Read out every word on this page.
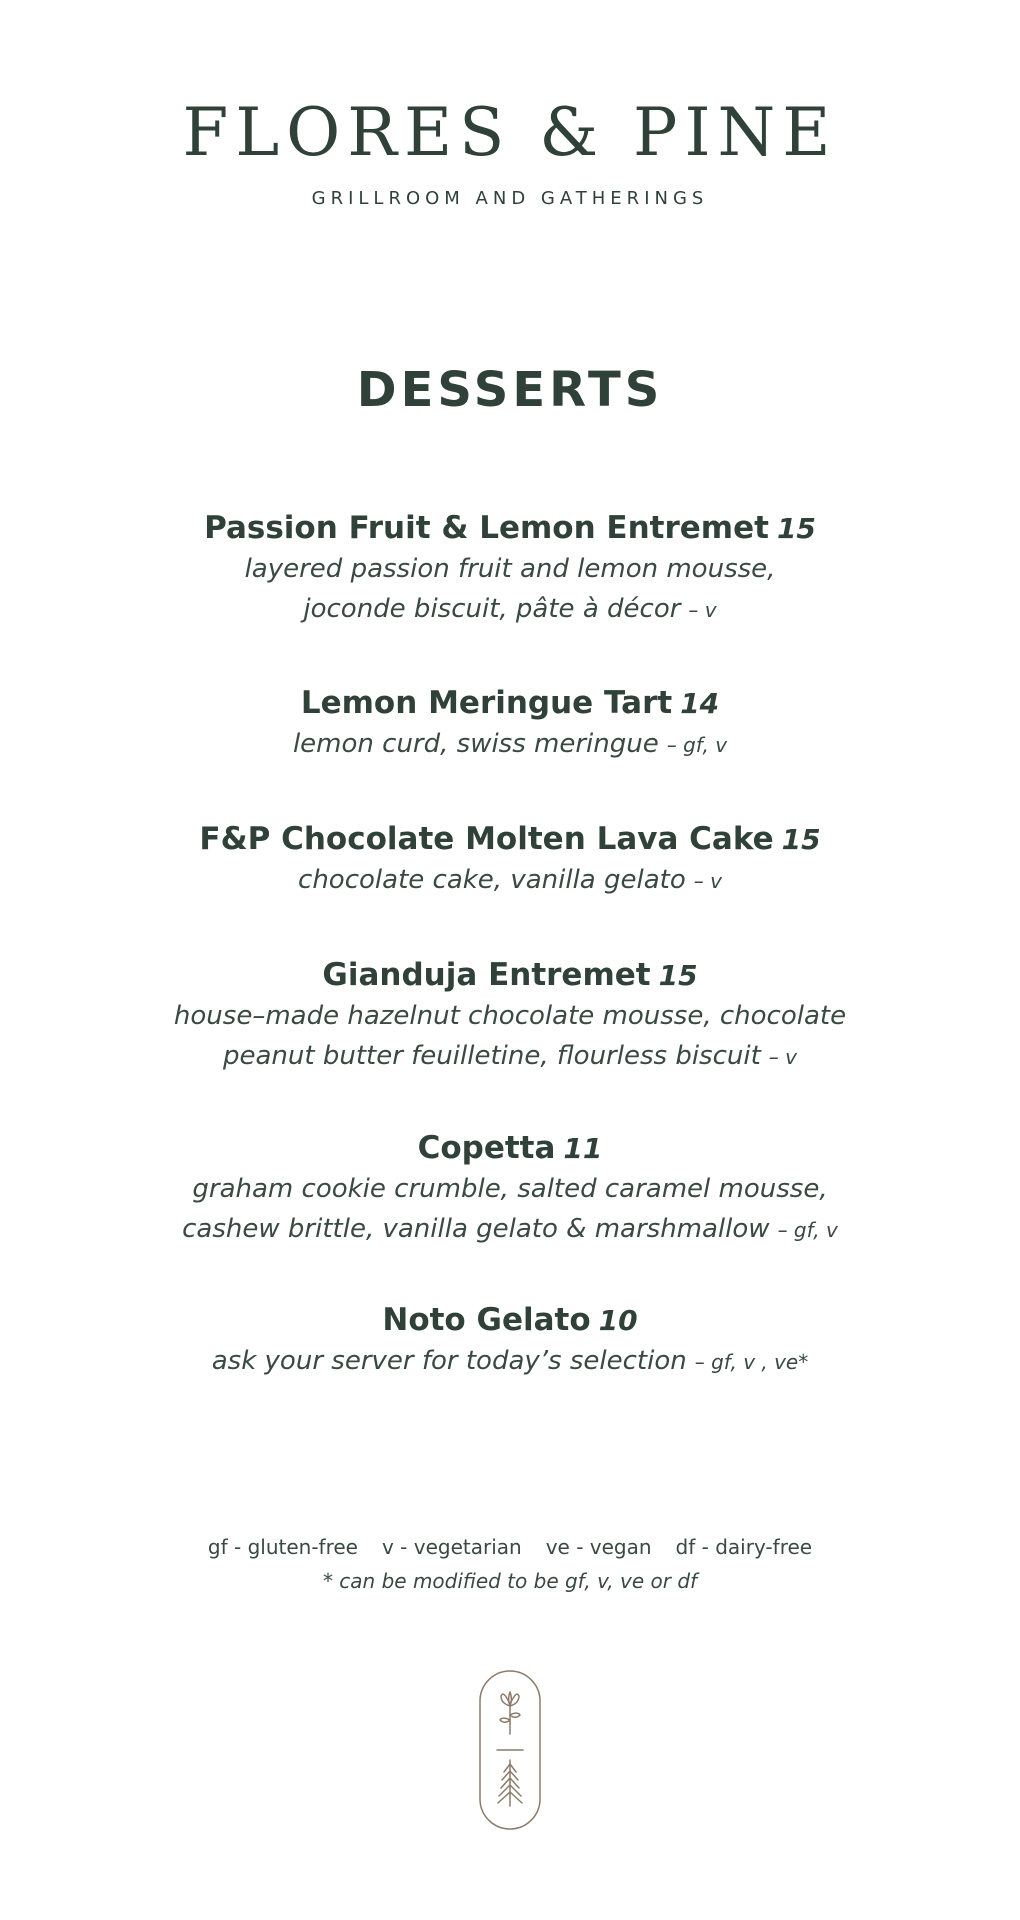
FLORES & PINE
GRILLROOM AND GATHERINGS
DESSERTS
Passion Fruit & Lemon Entremet 15
layered passion fruit and lemon mousse,
joconde biscuit, pâte à décor – v
Lemon Meringue Tart 14
lemon curd, swiss meringue – gf, v
F&P Chocolate Molten Lava Cake 15
chocolate cake, vanilla gelato – v
Gianduja Entremet 15
house–made hazelnut chocolate mousse, chocolate
peanut butter feuilletine, flourless biscuit – v
Copetta 11
graham cookie crumble, salted caramel mousse,
cashew brittle, vanilla gelato & marshmallow – gf, v
Noto Gelato 10
ask your server for today’s selection – gf, v , ve*
gf - gluten-free v - vegetarian ve - vegan df - dairy-free
* can be modified to be gf, v, ve or df
